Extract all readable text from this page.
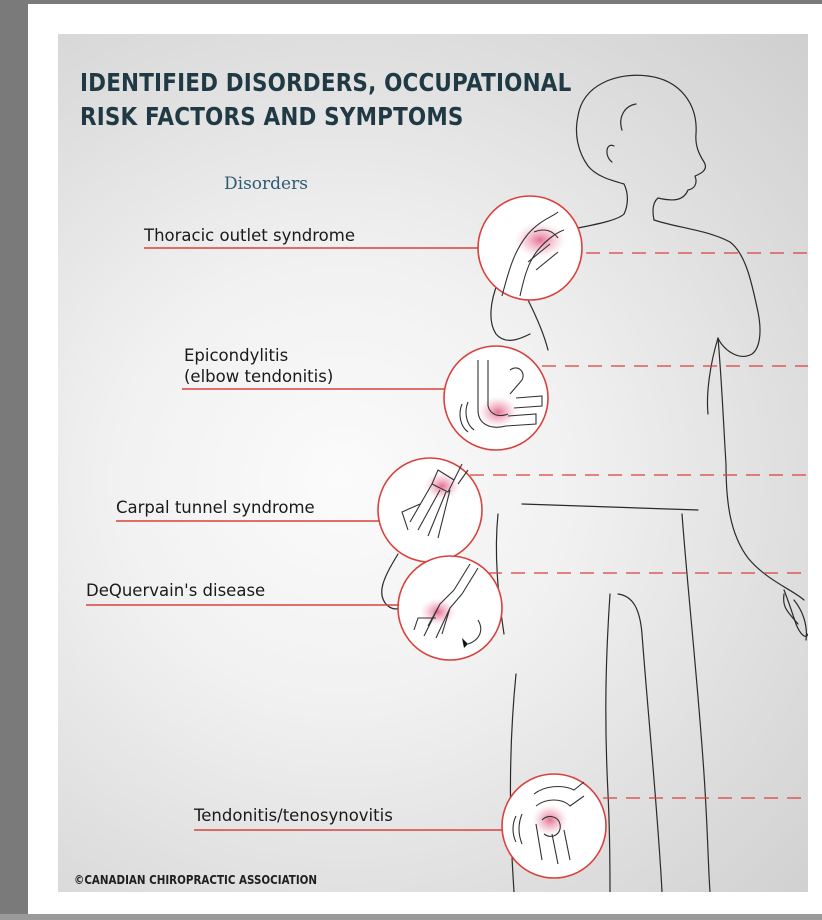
IDENTIFIED DISORDERS, OCCUPATIONAL
RISK FACTORS AND SYMPTOMS
Disorders
Thoracic outlet syndrome
Epicondylitis
(elbow tendonitis)
Carpal tunnel syndrome
DeQuervain's disease
Tendonitis/tenosynovitis
©CANADIAN CHIROPRACTIC ASSOCIATION
